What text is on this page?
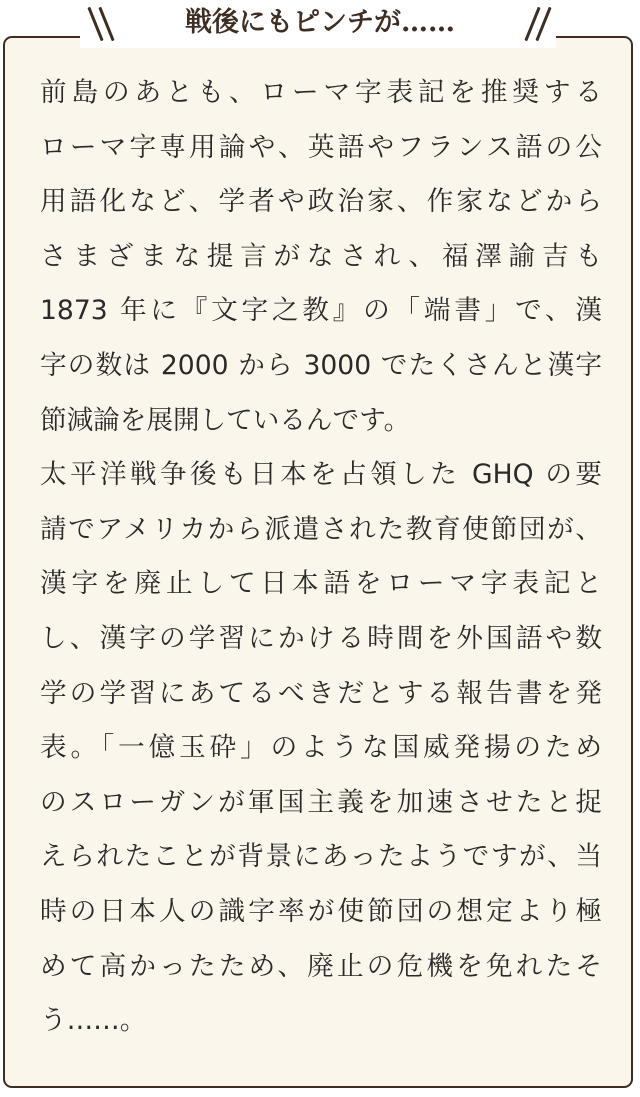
戦後にもピンチが……
前島のあとも、ローマ字表記を推奨する
ローマ字専用論や、英語やフランス語の公
用語化など、学者や政治家、作家などから
さまざまな提言がなされ、福澤諭吉も
1873 年に『文字之教』の「端書」で、漢
字の数は 2000 から 3000 でたくさんと漢字
節減論を展開しているんです。
太平洋戦争後も日本を占領した GHQ の要
請でアメリカから派遣された教育使節団が、
漢字を廃止して日本語をローマ字表記と
し、漢字の学習にかける時間を外国語や数
学の学習にあてるべきだとする報告書を発
表。「一億玉砕」のような国威発揚のため
のスローガンが軍国主義を加速させたと捉
えられたことが背景にあったようですが、当
時の日本人の識字率が使節団の想定より極
めて高かったため、廃止の危機を免れたそ
う……。
